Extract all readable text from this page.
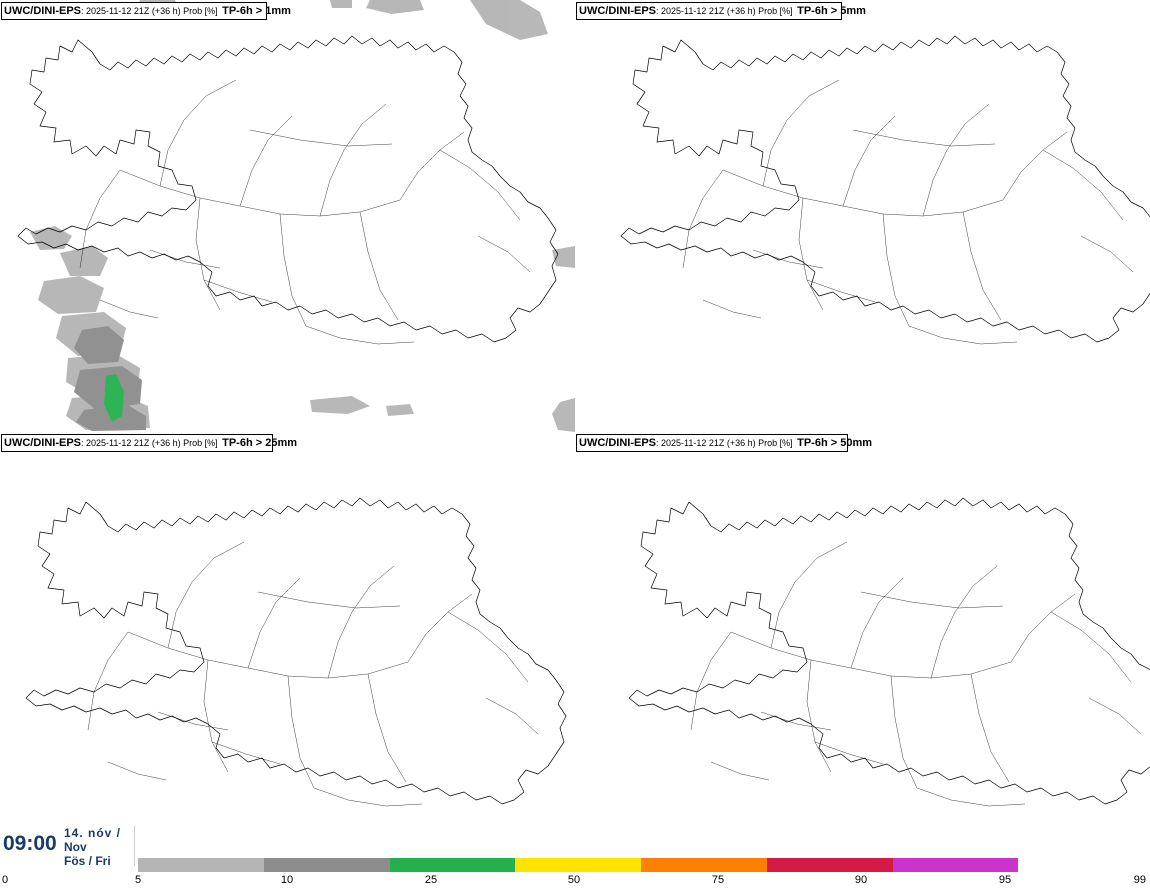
UWC/DINI-EPS: 2025-11-12 21Z (+36 h) Prob [%] TP-6h > 1mm	UWC/DINI-EPS: 2025-11-12 21Z (+36 h) Prob [%] TP-6h > 5mm
UWC/DINI-EPS: 2025-11-12 21Z (+36 h) Prob [%] TP-6h > 25mm	UWC/DINI-EPS: 2025-11-12 21Z (+36 h) Prob [%] TP-6h > 50mm
09:00 14. nóv /
Nov
Fös / Fri
0	5	10	25	50	75	90	95	99
